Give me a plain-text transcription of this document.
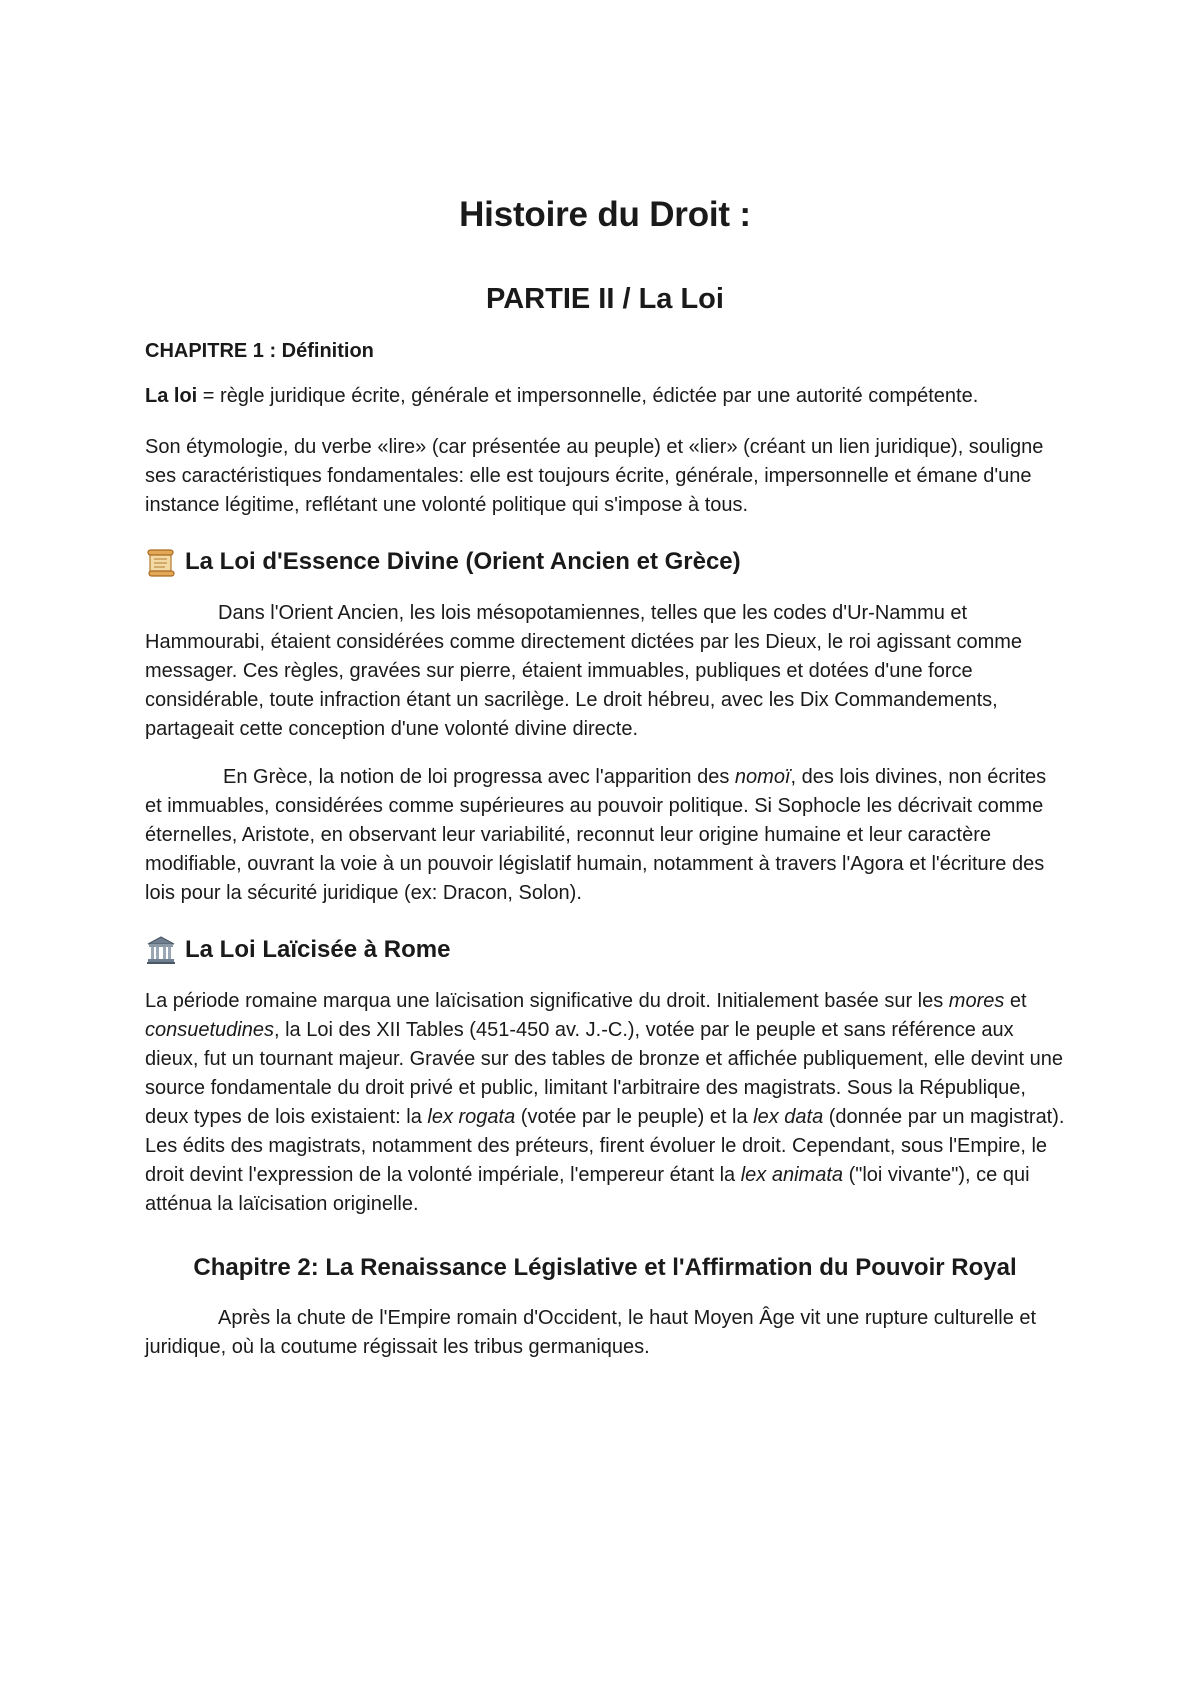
Histoire du Droit :
PARTIE II / La Loi
CHAPITRE 1 : Définition

La loi = règle juridique écrite, générale et impersonnelle, édictée par une autorité compétente.

Son étymologie, du verbe «lire» (car présentée au peuple) et «lier» (créant un lien juridique), souligne ses caractéristiques fondamentales: elle est toujours écrite, générale, impersonnelle et émane d'une instance légitime, reflétant une volonté politique qui s'impose à tous.

La Loi d'Essence Divine (Orient Ancien et Grèce)

Dans l'Orient Ancien, les lois mésopotamiennes, telles que les codes d'Ur-Nammu et Hammourabi, étaient considérées comme directement dictées par les Dieux, le roi agissant comme messager. Ces règles, gravées sur pierre, étaient immuables, publiques et dotées d'une force considérable, toute infraction étant un sacrilège. Le droit hébreu, avec les Dix Commandements, partageait cette conception d'une volonté divine directe.

En Grèce, la notion de loi progressa avec l'apparition des nomoï, des lois divines, non écrites et immuables, considérées comme supérieures au pouvoir politique. Si Sophocle les décrivait comme éternelles, Aristote, en observant leur variabilité, reconnut leur origine humaine et leur caractère modifiable, ouvrant la voie à un pouvoir législatif humain, notamment à travers l'Agora et l'écriture des lois pour la sécurité juridique (ex: Dracon, Solon).

La Loi Laïcisée à Rome

La période romaine marqua une laïcisation significative du droit. Initialement basée sur les mores et consuetudines, la Loi des XII Tables (451-450 av. J.-C.), votée par le peuple et sans référence aux dieux, fut un tournant majeur. Gravée sur des tables de bronze et affichée publiquement, elle devint une source fondamentale du droit privé et public, limitant l'arbitraire des magistrats. Sous la République, deux types de lois existaient: la lex rogata (votée par le peuple) et la lex data (donnée par un magistrat). Les édits des magistrats, notamment des préteurs, firent évoluer le droit. Cependant, sous l'Empire, le droit devint l'expression de la volonté impériale, l'empereur étant la lex animata ("loi vivante"), ce qui atténua la laïcisation originelle.

Chapitre 2: La Renaissance Législative et l'Affirmation du Pouvoir Royal

Après la chute de l'Empire romain d'Occident, le haut Moyen Âge vit une rupture culturelle et juridique, où la coutume régissait les tribus germaniques.
